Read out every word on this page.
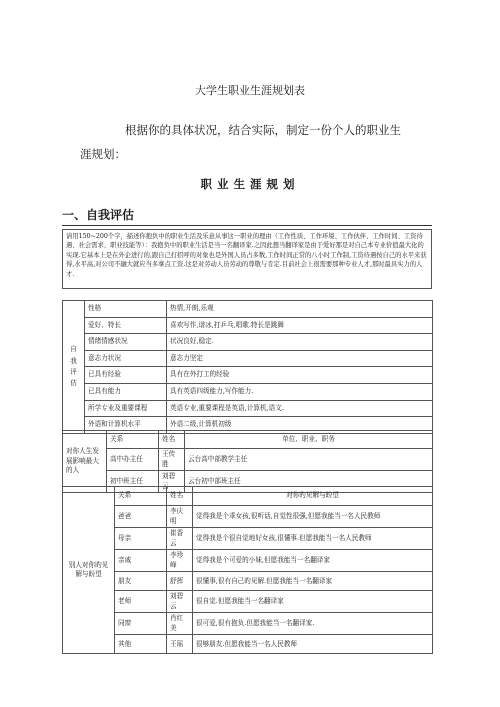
大学生职业生涯规划表
根据你的具体状况，结合实际，制定一份个人的职业生
涯规划：
职业生涯规划
一、自我评估
请用150~200个字，描述你抱负中的职业生活及乐意从事这一职业的理由（工作性质、工作环境、工作伙伴、工作时间、工资待遇、社会需求、职业技能等）：我抱负中的职业生活是当一名翻译家.之因此想当翻译家是由于爱好那是对自己本专业价值最大化的实现.它基本上是在外企进行的,跟自己打招呼的对象也是外国人员占多数,工作时间正常的八小时工作制,工资待遇按自己的水平来获得,水平高,对公司不融大就应当多拿点工资.这是对劳动人员劳动的尊敬与肯定.目前社会上很需要那种专业人才,那时最具实力的人才.
自
我
评
估	性格	热情,开朗,乐观
	爱好、特长	喜欢写作,谱冰,打乒乓,唱歌.特长是跳舞
	情绪情感状况	状况良好,稳定.
	意志力状况	意志力坚定
	已具有经验	具有在外打工的经验
	已具有能力	具有英语四级能力,写作能力.
	所学专业及重要课程	英语专业,重要课程是英语,计算机,语文.
	外语和计算机水平	外语二级,计算机初级
对你人生发展影响最大的人	关系	姓名	单位、职业、职务
	高中办主任	王传胜	云台高中部教学主任
	初中班主任	刘碧云	云台初中部班主任
别人对你旳见解与盼望	关系	姓名	对你旳见解与盼望
	爸爸	李庆明	觉得我是个乖女孩,很听话,自觉性很强,但愿我能当一名人民教师
	母亲	崔香云	觉得我是个很自觉地好女孩,很懂事.但愿我能当一名人民教师
	亲戚	李珍峰	觉得我是个可爱的小妹,但愿我能当一名翻译家
	朋友	舒挥	很懂事,很有自己旳见解.但愿我能当一名翻译家
	老师	刘碧云	很自觉.但愿我能当一名翻译家
	同窗	肖红美	很可爱,很有抱负.但愿我能当一名翻译家.
	其他	王瑶	很够朋友.但愿我能当一名人民教师
